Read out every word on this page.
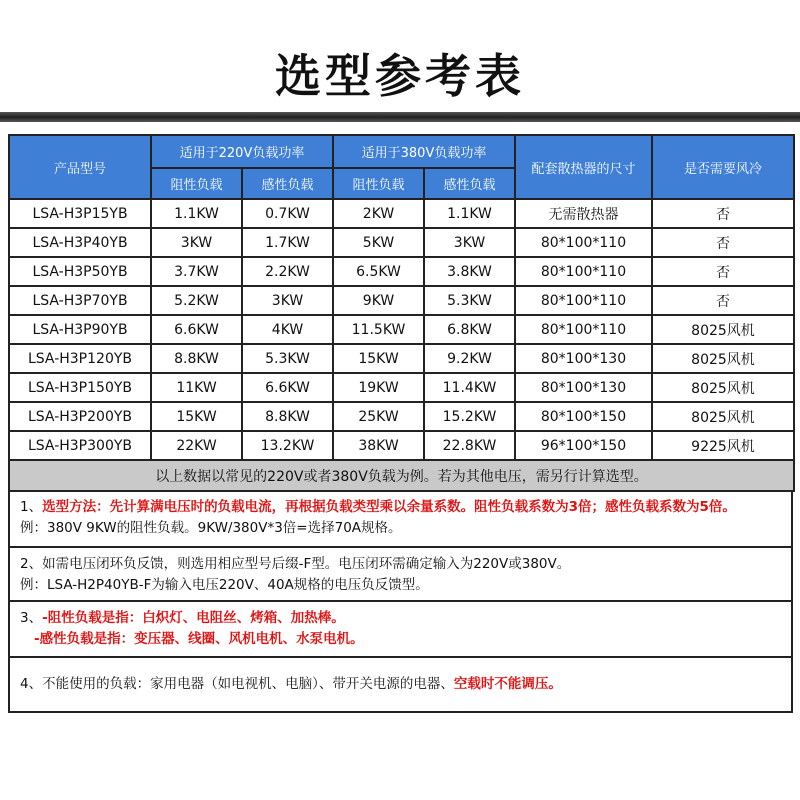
选型参考表
产品型号	适用于220V负载功率		适用于380V负载功率		配套散热器的尺寸	是否需要风冷
	阻性负载	感性负载	阻性负载	感性负载		
LSA-H3P15YB	1.1KW	0.7KW	2KW	1.1KW	无需散热器	否
LSA-H3P40YB	3KW	1.7KW	5KW	3KW	80*100*110	否
LSA-H3P50YB	3.7KW	2.2KW	6.5KW	3.8KW	80*100*110	否
LSA-H3P70YB	5.2KW	3KW	9KW	5.3KW	80*100*110	否
LSA-H3P90YB	6.6KW	4KW	11.5KW	6.8KW	80*100*110	8025风机
LSA-H3P120YB	8.8KW	5.3KW	15KW	9.2KW	80*100*130	8025风机
LSA-H3P150YB	11KW	6.6KW	19KW	11.4KW	80*100*130	8025风机
LSA-H3P200YB	15KW	8.8KW	25KW	15.2KW	80*100*150	8025风机
LSA-H3P300YB	22KW	13.2KW	38KW	22.8KW	96*100*150	9225风机
以上数据以常见的220V或者380V负载为例。若为其他电压，需另行计算选型。						
1、选型方法：先计算满电压时的负载电流，再根据负载类型乘以余量系数。阻性负载系数为3倍；感性负载系数为5倍。
例：380V 9KW的阻性负载。9KW/380V*3倍=选择70A规格。
2、如需电压闭环负反馈，则选用相应型号后缀-F型。电压闭环需确定输入为220V或380V。
例：LSA-H2P40YB-F为输入电压220V、40A规格的电压负反馈型。
3、-阻性负载是指：白炽灯、电阻丝、烤箱、加热棒。
-感性负载是指：变压器、线圈、风机电机、水泵电机。
4、不能使用的负载：家用电器（如电视机、电脑）、带开关电源的电器、空载时不能调压。
